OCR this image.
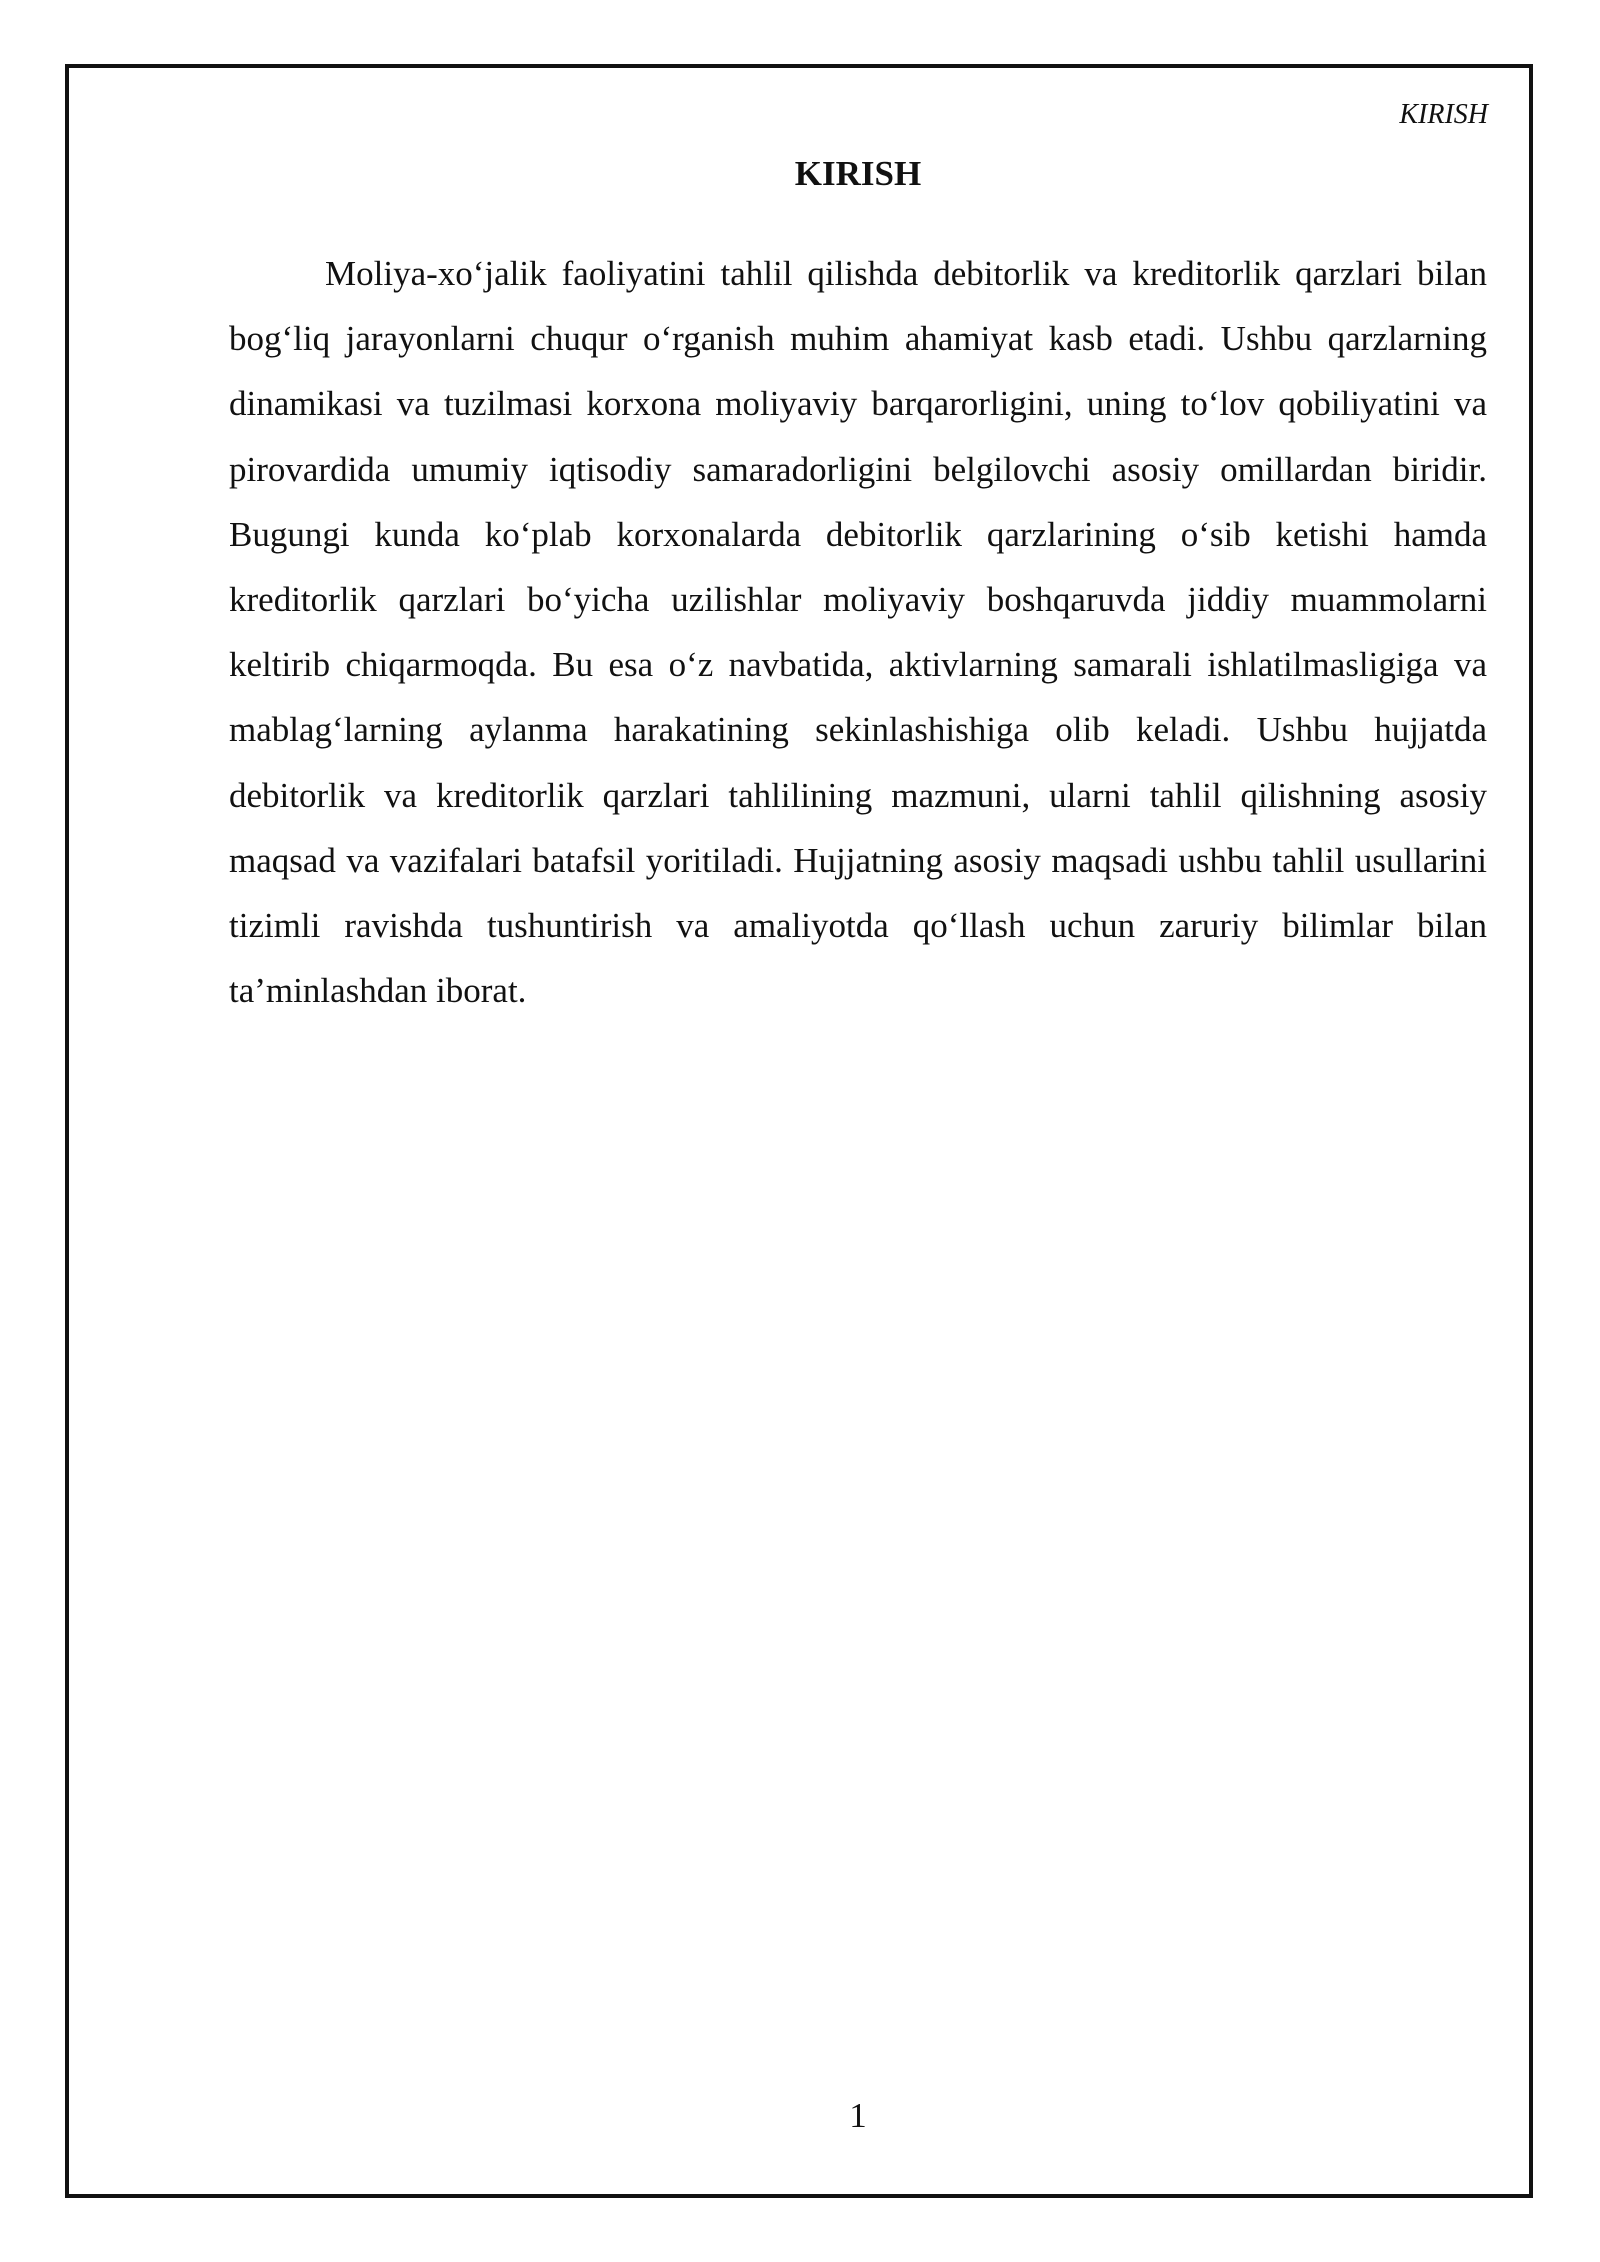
KIRISH
KIRISH

Moliya-xo‘jalik faoliyatini tahlil qilishda debitorlik va kreditorlik qarzlari bilan bog‘liq jarayonlarni chuqur o‘rganish muhim ahamiyat kasb etadi. Ushbu qarzlarning dinamikasi va tuzilmasi korxona moliyaviy barqarorligini, uning to‘lov qobiliyatini va pirovardida umumiy iqtisodiy samaradorligini belgilovchi asosiy omillardan biridir. Bugungi kunda ko‘plab korxonalarda debitorlik qarzlarining o‘sib ketishi hamda kreditorlik qarzlari bo‘yicha uzilishlar moliyaviy boshqaruvda jiddiy muammolarni keltirib chiqarmoqda. Bu esa o‘z navbatida, aktivlarning samarali ishlatilmasligiga va mablag‘larning aylanma harakatining sekinlashishiga olib keladi. Ushbu hujjatda debitorlik va kreditorlik qarzlari tahlilining mazmuni, ularni tahlil qilishning asosiy maqsad va vazifalari batafsil yoritiladi. Hujjatning asosiy maqsadi ushbu tahlil usullarini tizimli ravishda tushuntirish va amaliyotda qo‘llash uchun zaruriy bilimlar bilan ta’minlashdan iborat.

1
